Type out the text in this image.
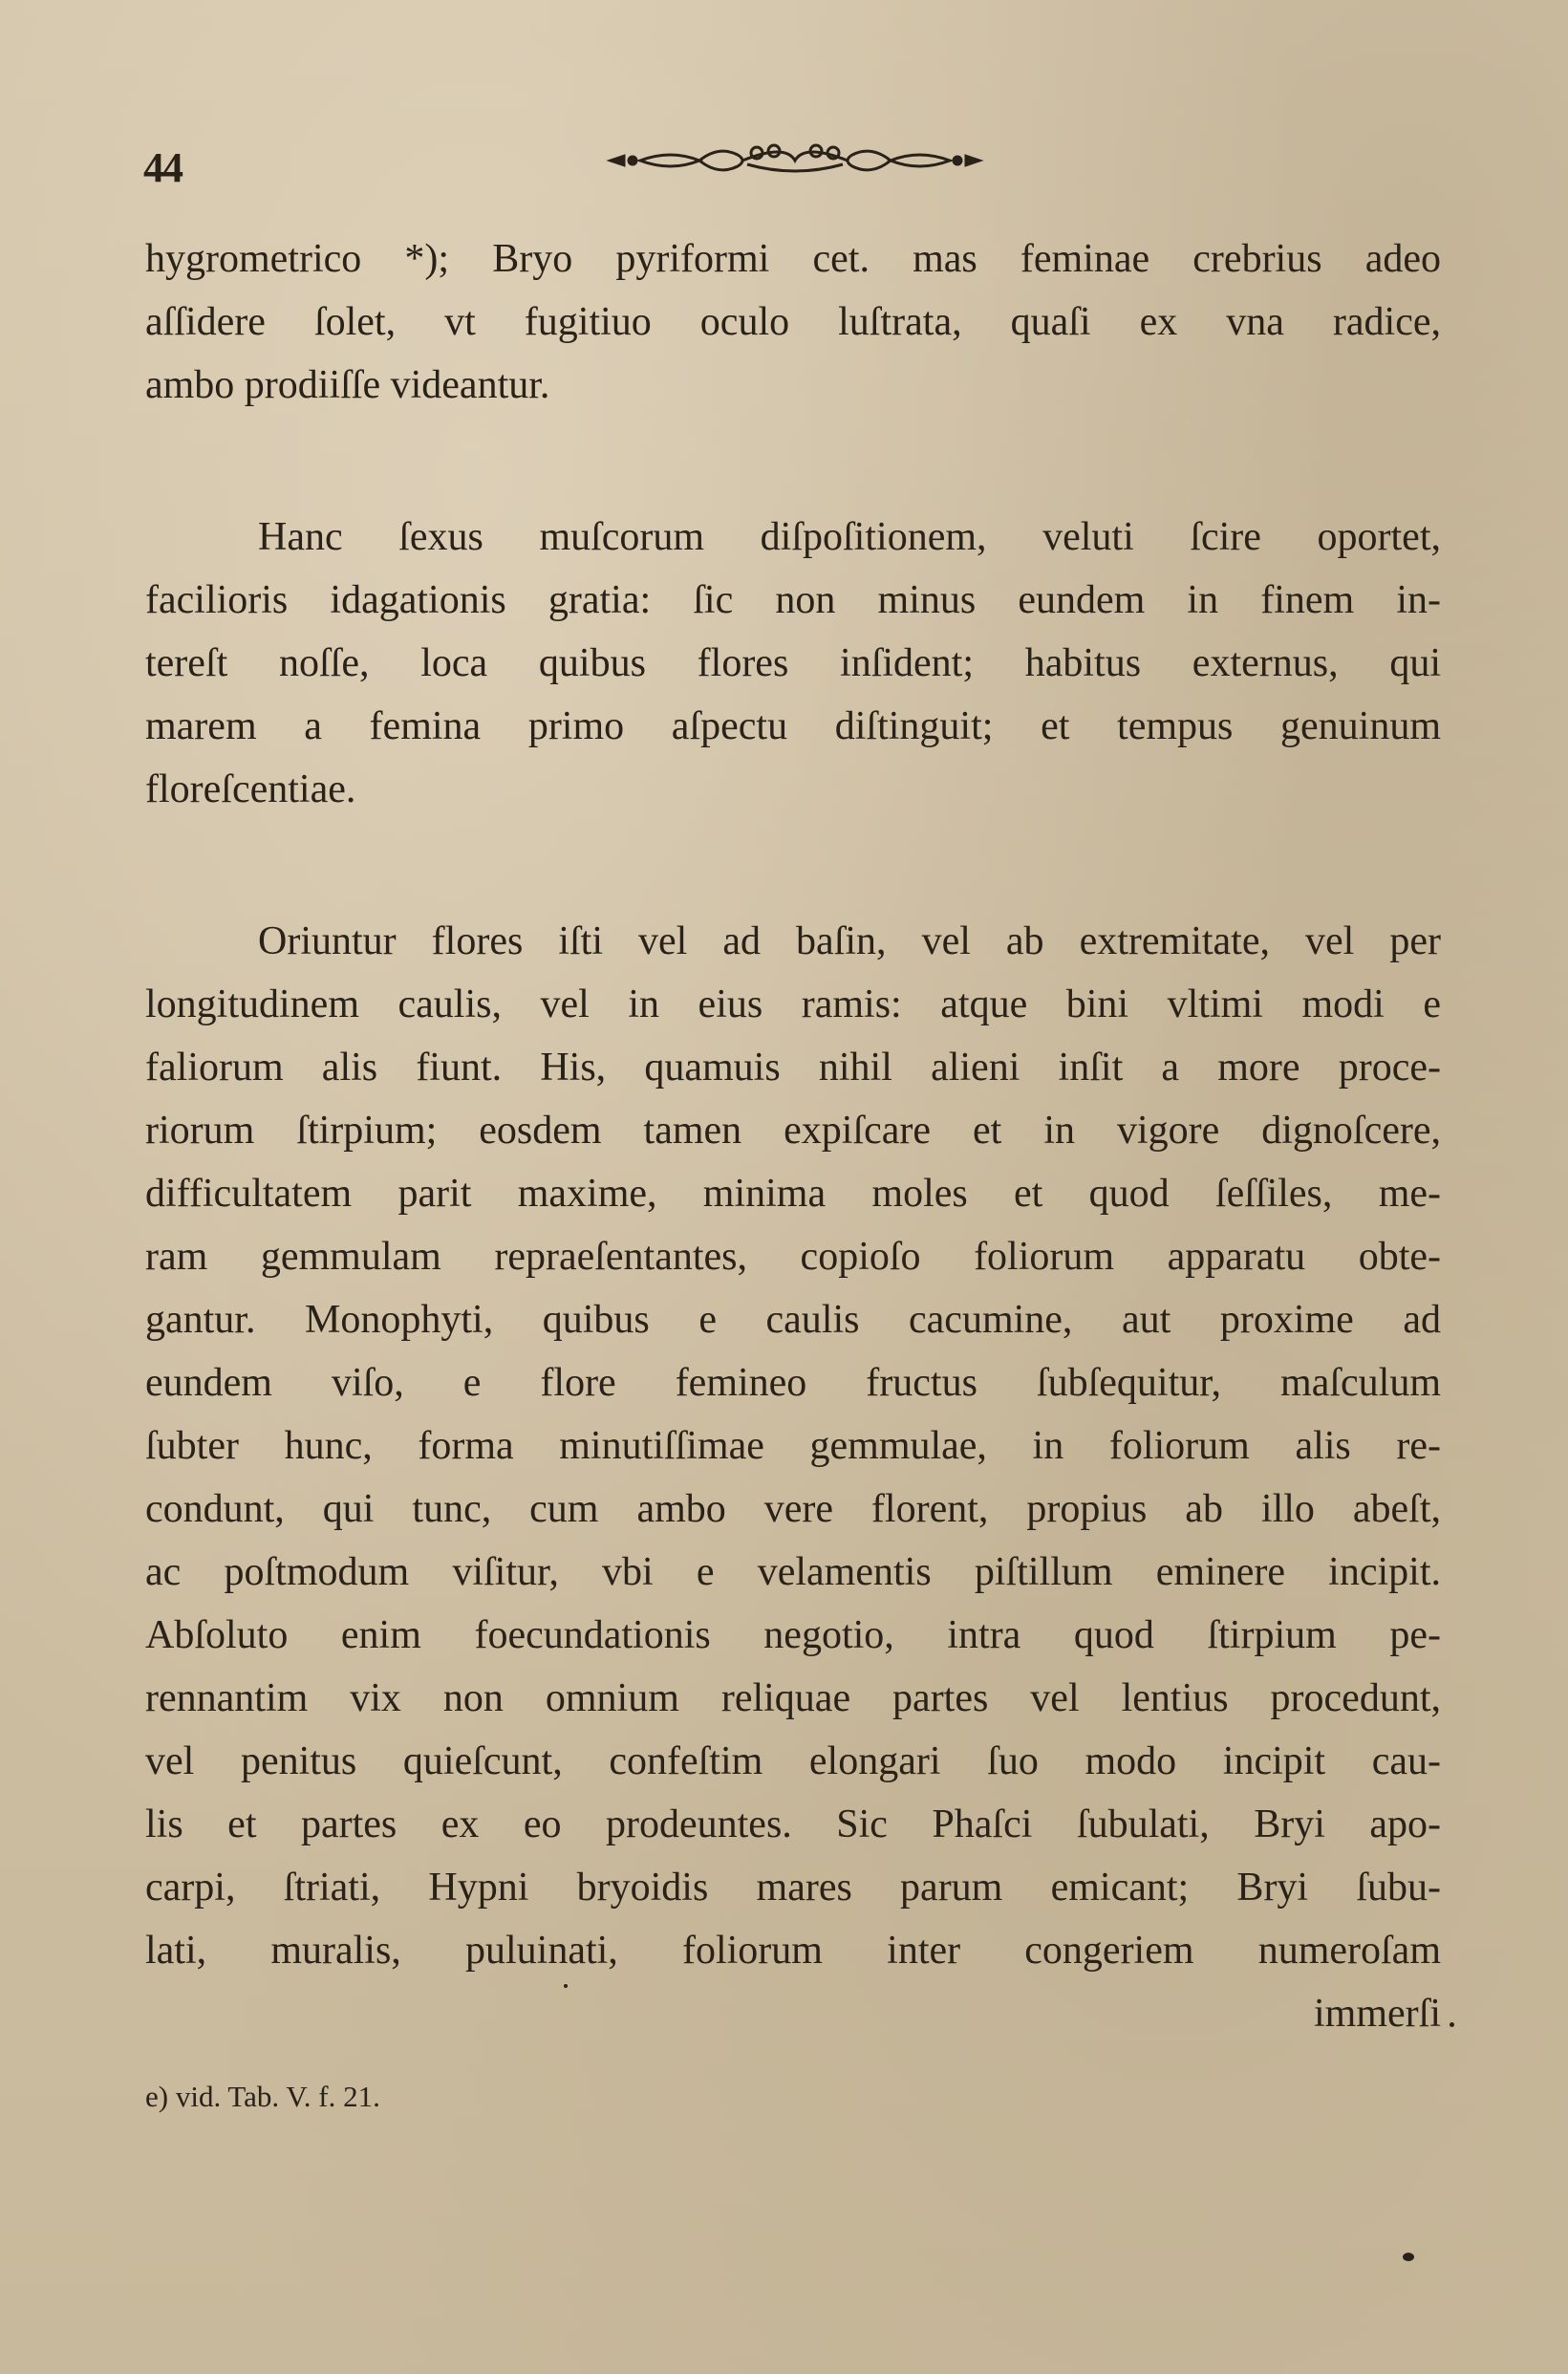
44
hygrometrico *); Bryo pyriformi cet. mas feminae crebrius adeo
aſſidere ſolet, vt fugitiuo oculo luſtrata, quaſi ex vna radice,
ambo prodiiſſe videantur.
Hanc ſexus muſcorum diſpoſitionem, veluti ſcire oportet,
facilioris idagationis gratia: ſic non minus eundem in finem in-
tereſt noſſe, loca quibus flores inſident; habitus externus, qui
marem a femina primo aſpectu diſtinguit; et tempus genuinum
floreſcentiae.
Oriuntur flores iſti vel ad baſin, vel ab extremitate, vel per
longitudinem caulis, vel in eius ramis: atque bini vltimi modi e
faliorum alis fiunt. His, quamuis nihil alieni inſit a more proce-
riorum ſtirpium; eosdem tamen expiſcare et in vigore dignoſcere,
difficultatem parit maxime, minima moles et quod ſeſſiles, me-
ram gemmulam repraeſentantes, copioſo foliorum apparatu obte-
gantur. Monophyti, quibus e caulis cacumine, aut proxime ad
eundem viſo, e flore femineo fructus ſubſequitur, maſculum
ſubter hunc, forma minutiſſimae gemmulae, in foliorum alis re-
condunt, qui tunc, cum ambo vere florent, propius ab illo abeſt,
ac poſtmodum viſitur, vbi e velamentis piſtillum eminere incipit.
Abſoluto enim foecundationis negotio, intra quod ſtirpium pe-
rennantim vix non omnium reliquae partes vel lentius procedunt,
vel penitus quieſcunt, confeſtim elongari ſuo modo incipit cau-
lis et partes ex eo prodeuntes. Sic Phaſci ſubulati, Bryi apo-
carpi, ſtriati, Hypni bryoidis mares parum emicant; Bryi ſubu-
lati, muralis, puluinati, foliorum inter congeriem numeroſam
immerſi
e) vid. Tab. V. f. 21.
